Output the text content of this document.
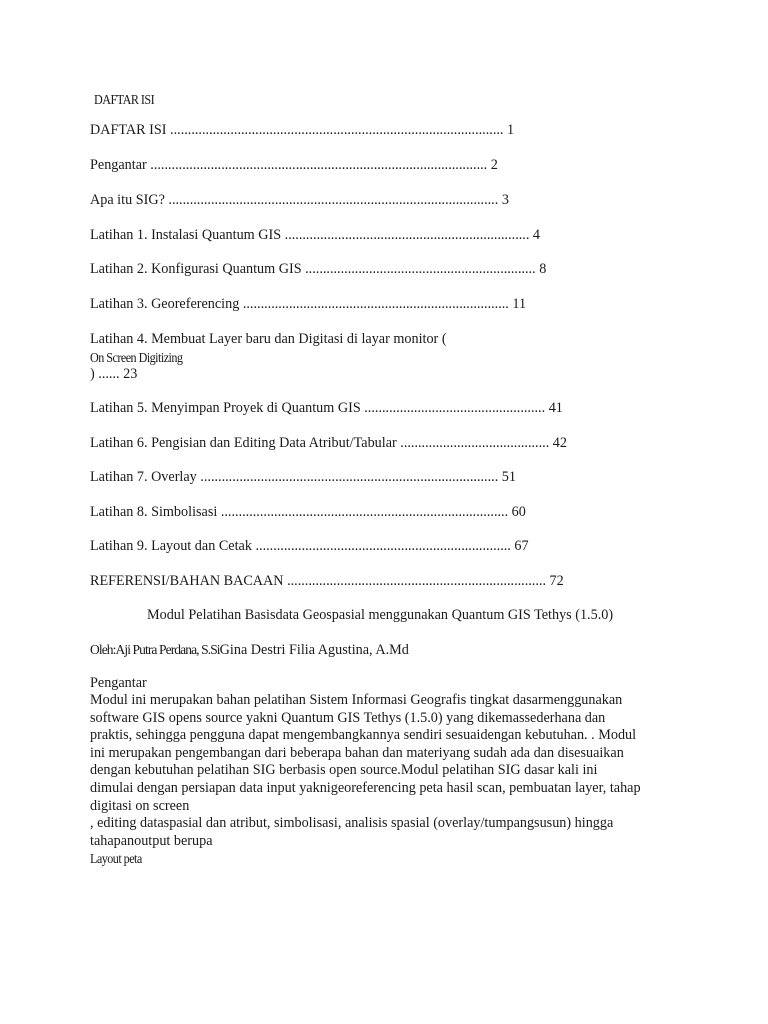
DAFTAR ISI
DAFTAR ISI .............................................................................................. 1
Pengantar ............................................................................................... 2
Apa itu SIG? ............................................................................................. 3
Latihan 1. Instalasi Quantum GIS ..................................................................... 4
Latihan 2. Konfigurasi Quantum GIS ................................................................. 8
Latihan 3. Georeferencing ........................................................................... 11
Latihan 4. Membuat Layer baru dan Digitasi di layar monitor (
On Screen Digitizing
) ...... 23
Latihan 5. Menyimpan Proyek di Quantum GIS ................................................... 41
Latihan 6. Pengisian dan Editing Data Atribut/Tabular .......................................... 42
Latihan 7. Overlay .................................................................................... 51
Latihan 8. Simbolisasi ................................................................................. 60
Latihan 9. Layout dan Cetak ........................................................................ 67
REFERENSI/BAHAN BACAAN ......................................................................... 72
Modul Pelatihan Basisdata Geospasial menggunakan Quantum GIS Tethys (1.5.0)
Oleh:Aji Putra Perdana, S.SiGina Destri Filia Agustina, A.Md
Pengantar
Modul ini merupakan bahan pelatihan Sistem Informasi Geografis tingkat dasarmenggunakan
software GIS opens source yakni Quantum GIS Tethys (1.5.0) yang dikemassederhana dan
praktis, sehingga pengguna dapat mengembangkannya sendiri sesuaidengan kebutuhan. . Modul
ini merupakan pengembangan dari beberapa bahan dan materiyang sudah ada dan disesuaikan
dengan kebutuhan pelatihan SIG berbasis open source.Modul pelatihan SIG dasar kali ini
dimulai dengan persiapan data input yaknigeoreferencing peta hasil scan, pembuatan layer, tahap
digitasi on screen
, editing dataspasial dan atribut, simbolisasi, analisis spasial (overlay/tumpangsusun) hingga
tahapanoutput berupa
Layout peta
